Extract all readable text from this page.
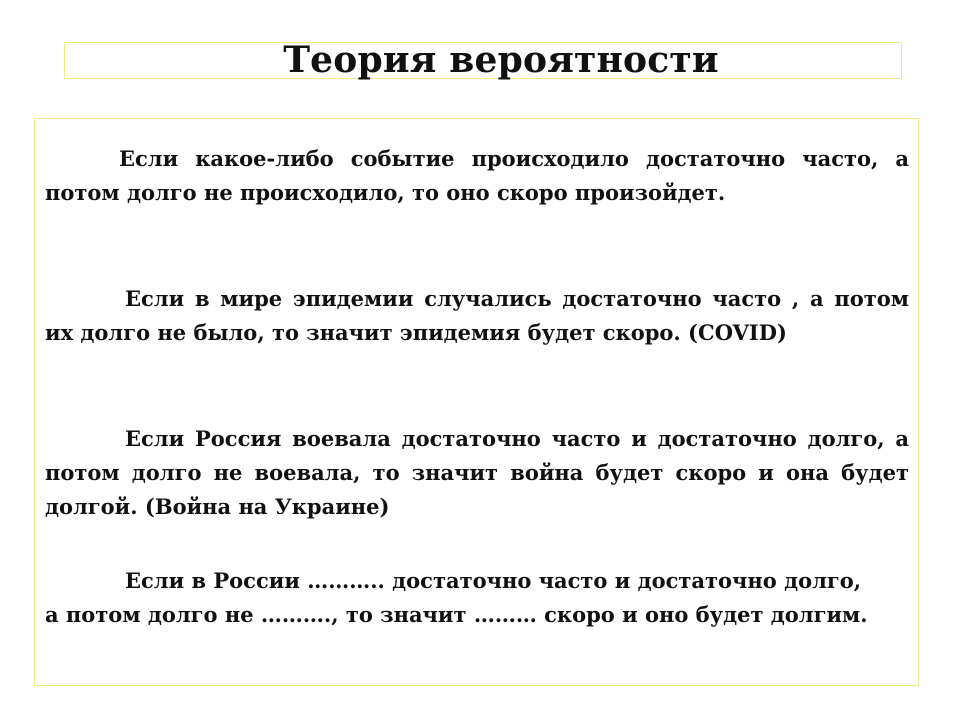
Теория вероятности

Если какое-либо событие происходило достаточно часто, а потом долго не происходило, то оно скоро произойдет.

Если в мире эпидемии случались достаточно часто , а потом их долго не было, то значит эпидемия будет скоро. (COVID)

Если Россия воевала достаточно часто и достаточно долго, а потом долго не воевала, то значит война будет скоро и она будет долгой. (Война на Украине)

Если в России ……….. достаточно часто и достаточно долго, а потом долго не ………., то значит ……… скоро и оно будет долгим.
